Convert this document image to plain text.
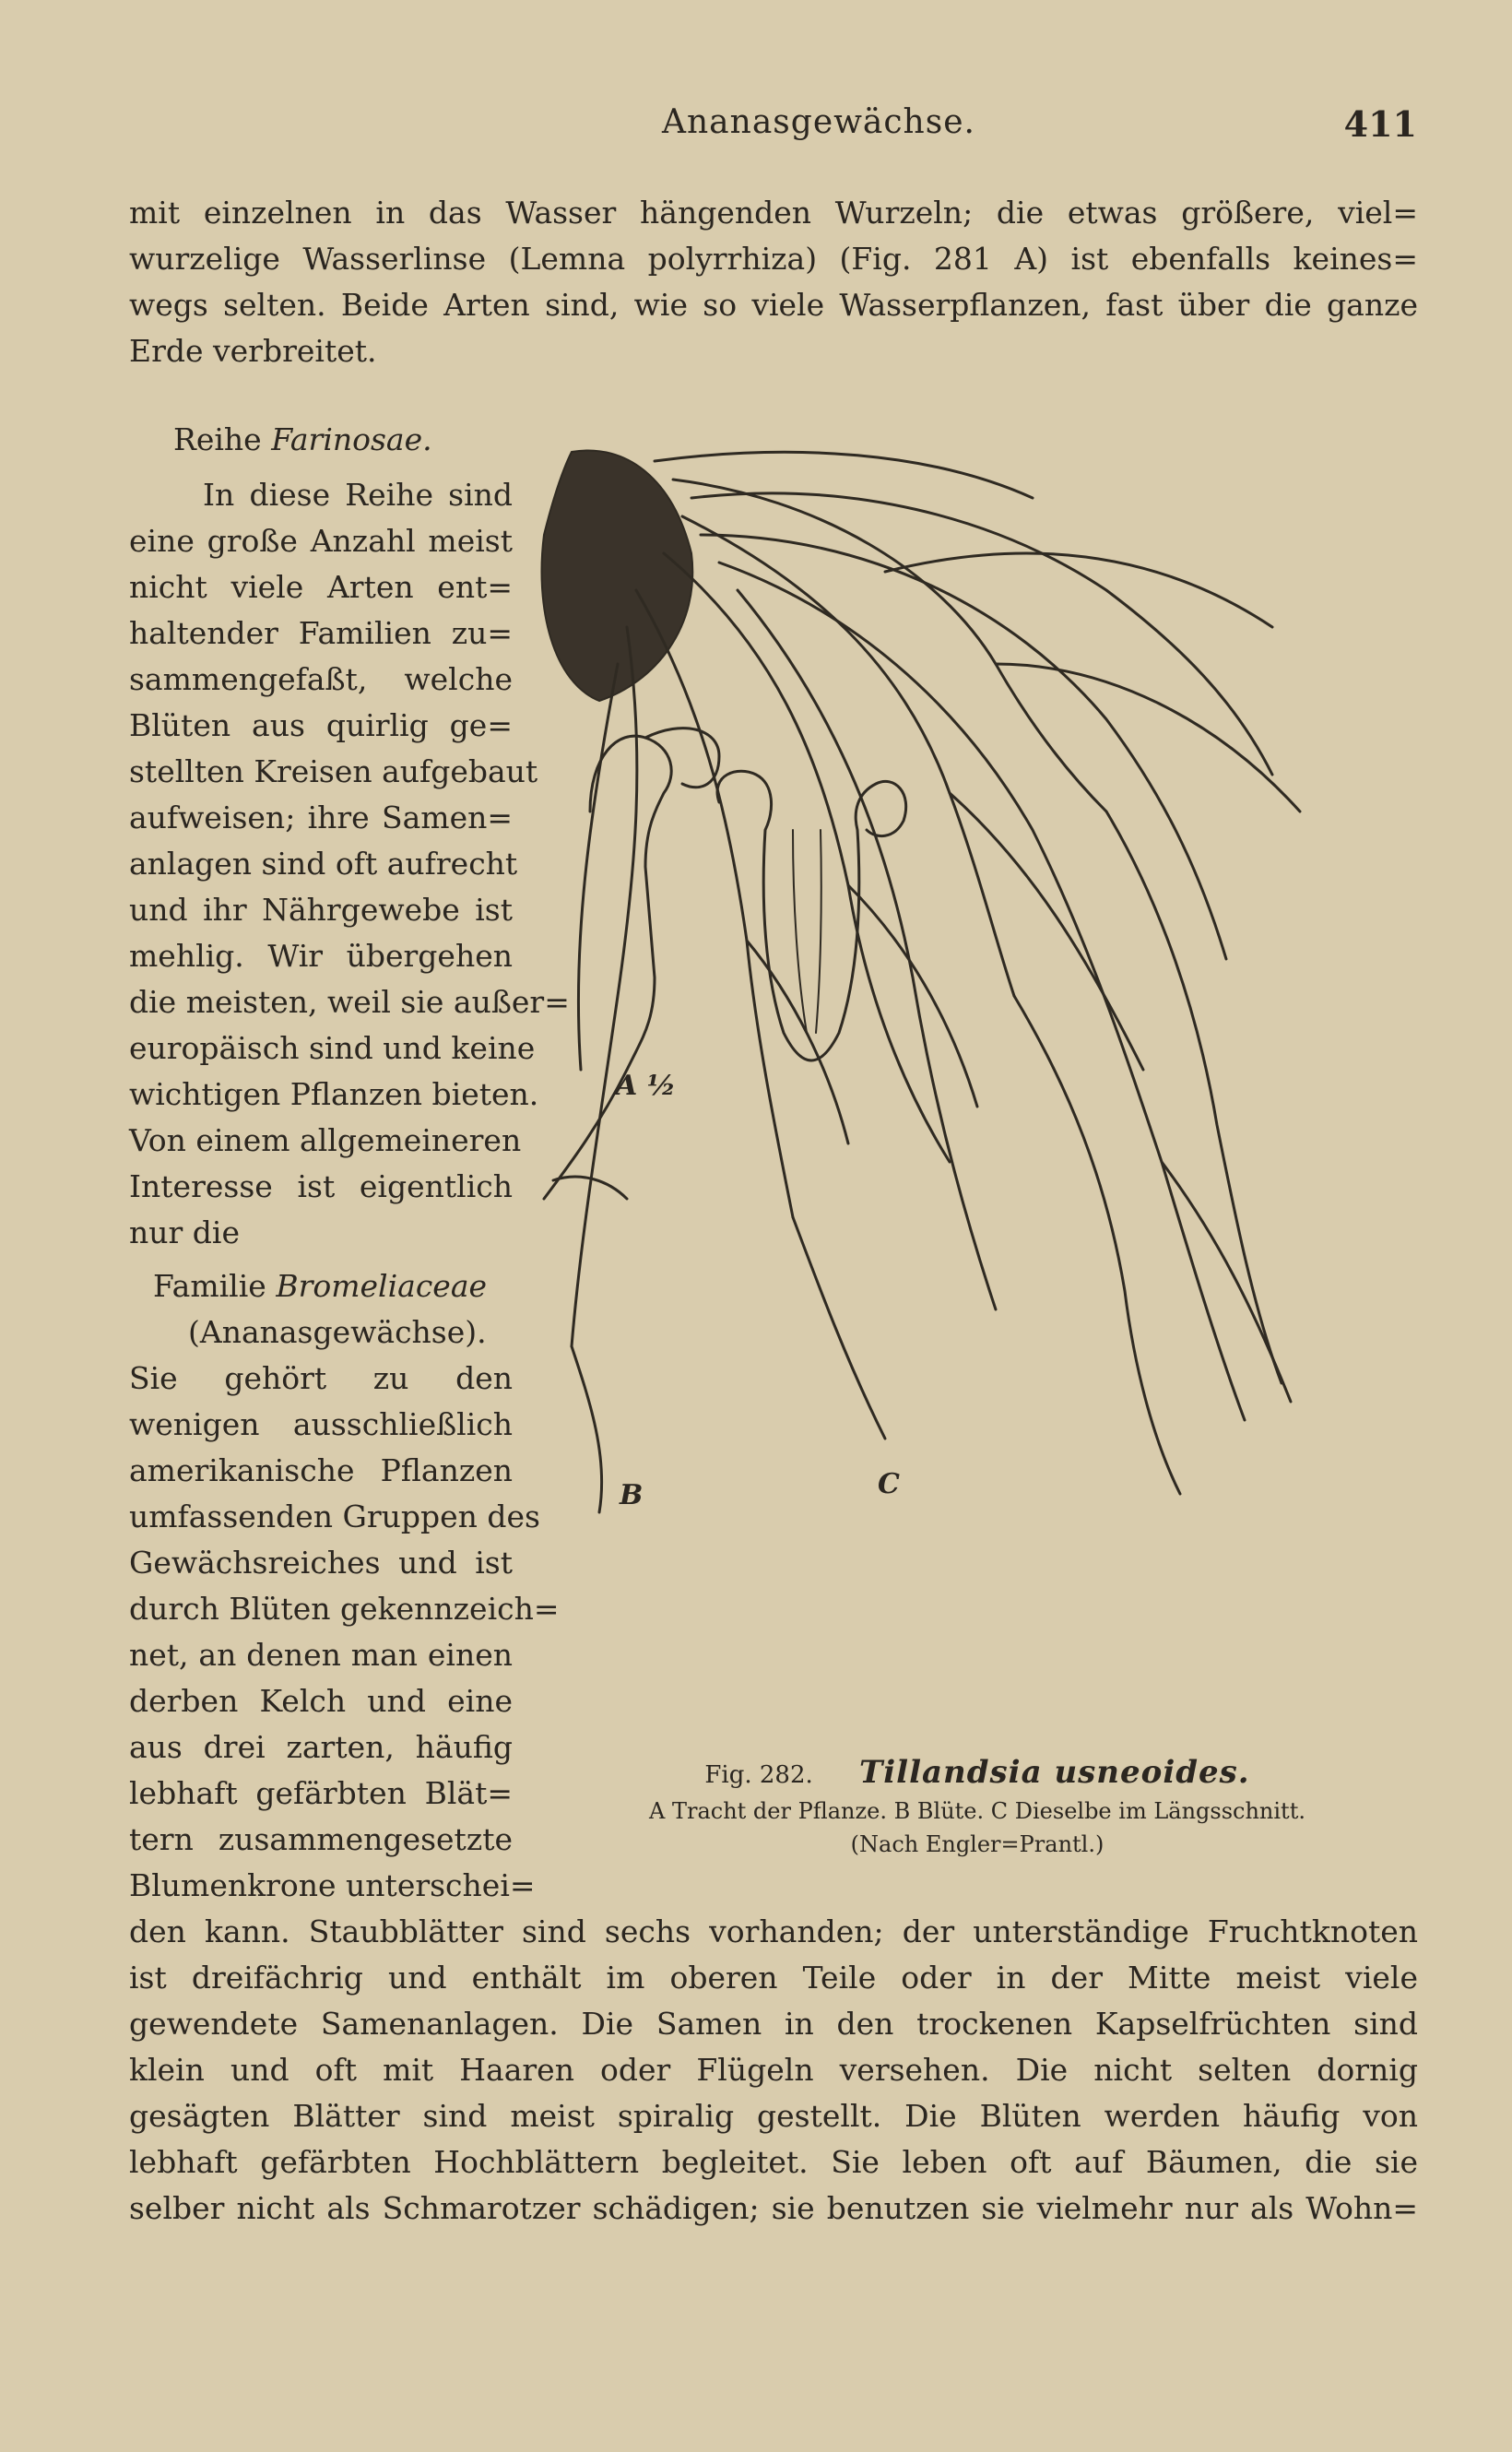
Ananasgewächse.	411
mit einzelnen in das Wasser hängenden Wurzeln; die etwas größere, viel=
wurzelige Wasserlinse (Lemna polyrrhiza) (Fig. 281 A) ist ebenfalls keines=
wegs selten. Beide Arten sind, wie so viele Wasserpflanzen, fast über die ganze
Erde verbreitet.
Reihe Farinosae.
In diese Reihe sind
eine große Anzahl meist
nicht viele Arten ent=
haltender Familien zu=
sammengefaßt, welche
Blüten aus quirlig ge=
stellten Kreisen aufgebaut
aufweisen; ihre Samen=
anlagen sind oft aufrecht
und ihr Nährgewebe ist
mehlig. Wir übergehen
die meisten, weil sie außer=
europäisch sind und keine
wichtigen Pflanzen bieten.
Von einem allgemeineren
Interesse ist eigentlich
nur die
Familie Bromeliaceae
(Ananasgewächse).
Sie gehört zu den
wenigen ausschließlich
amerikanische Pflanzen
umfassenden Gruppen des
Gewächsreiches und ist
durch Blüten gekennzeich=
net, an denen man einen
derben Kelch und eine
aus drei zarten, häufig
lebhaft gefärbten Blät=
tern zusammengesetzte
Blumenkrone unterschei=
A ½
B	C
Fig. 282. Tillandsia usneoides.
A Tracht der Pflanze. B Blüte. C Dieselbe im Längsschnitt.
(Nach Engler=Prantl.)
den kann. Staubblätter sind sechs vorhanden; der unterständige Fruchtknoten
ist dreifächrig und enthält im oberen Teile oder in der Mitte meist viele
gewendete Samenanlagen. Die Samen in den trockenen Kapselfrüchten sind
klein und oft mit Haaren oder Flügeln versehen. Die nicht selten dornig
gesägten Blätter sind meist spiralig gestellt. Die Blüten werden häufig von
lebhaft gefärbten Hochblättern begleitet. Sie leben oft auf Bäumen, die sie
selber nicht als Schmarotzer schädigen; sie benutzen sie vielmehr nur als Wohn=
